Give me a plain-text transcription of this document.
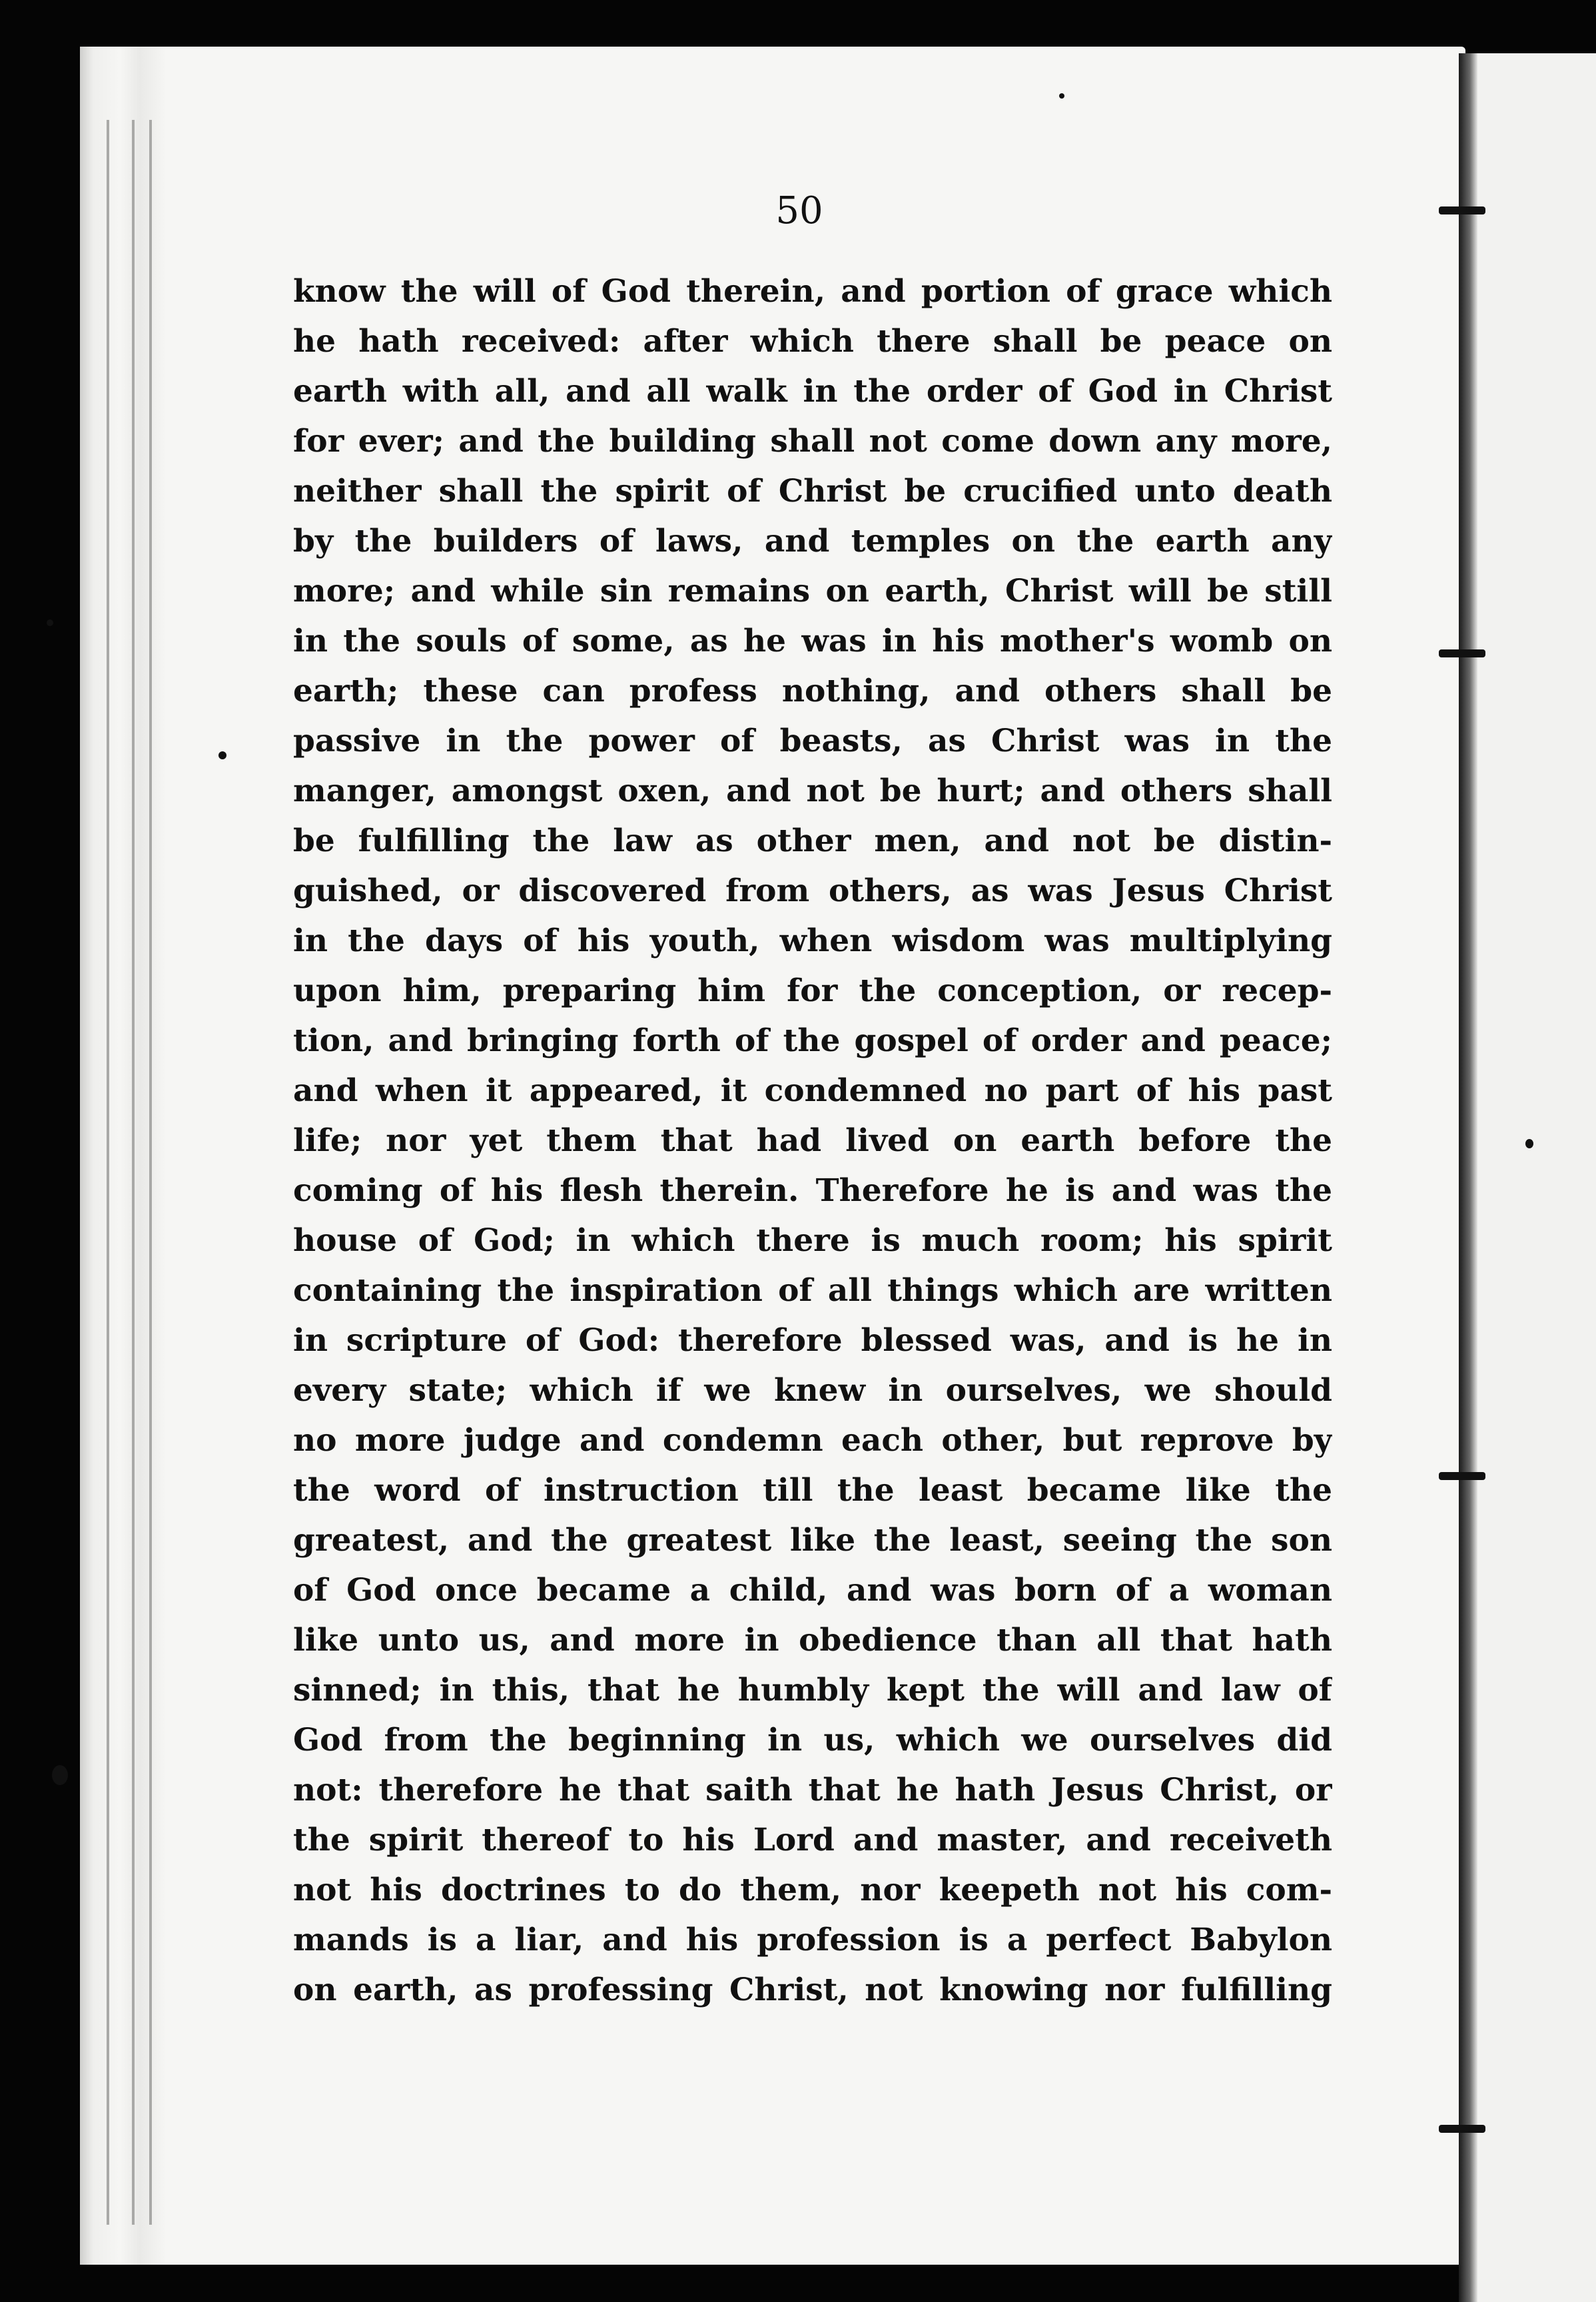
50
know the will of God therein, and portion of grace which
he hath received: after which there shall be peace on
earth with all, and all walk in the order of God in Christ
for ever; and the building shall not come down any more,
neither shall the spirit of Christ be crucified unto death
by the builders of laws, and temples on the earth any
more; and while sin remains on earth, Christ will be still
in the souls of some, as he was in his mother's womb on
earth; these can profess nothing, and others shall be
passive in the power of beasts, as Christ was in the
manger, amongst oxen, and not be hurt; and others shall
be fulfilling the law as other men, and not be distin-
guished, or discovered from others, as was Jesus Christ
in the days of his youth, when wisdom was multiplying
upon him, preparing him for the conception, or recep-
tion, and bringing forth of the gospel of order and peace;
and when it appeared, it condemned no part of his past
life; nor yet them that had lived on earth before the
coming of his flesh therein. Therefore he is and was the
house of God; in which there is much room; his spirit
containing the inspiration of all things which are written
in scripture of God: therefore blessed was, and is he in
every state; which if we knew in ourselves, we should
no more judge and condemn each other, but reprove by
the word of instruction till the least became like the
greatest, and the greatest like the least, seeing the son
of God once became a child, and was born of a woman
like unto us, and more in obedience than all that hath
sinned; in this, that he humbly kept the will and law of
God from the beginning in us, which we ourselves did
not: therefore he that saith that he hath Jesus Christ, or
the spirit thereof to his Lord and master, and receiveth
not his doctrines to do them, nor keepeth not his com-
mands is a liar, and his profession is a perfect Babylon
on earth, as professing Christ, not knowing nor fulfilling
